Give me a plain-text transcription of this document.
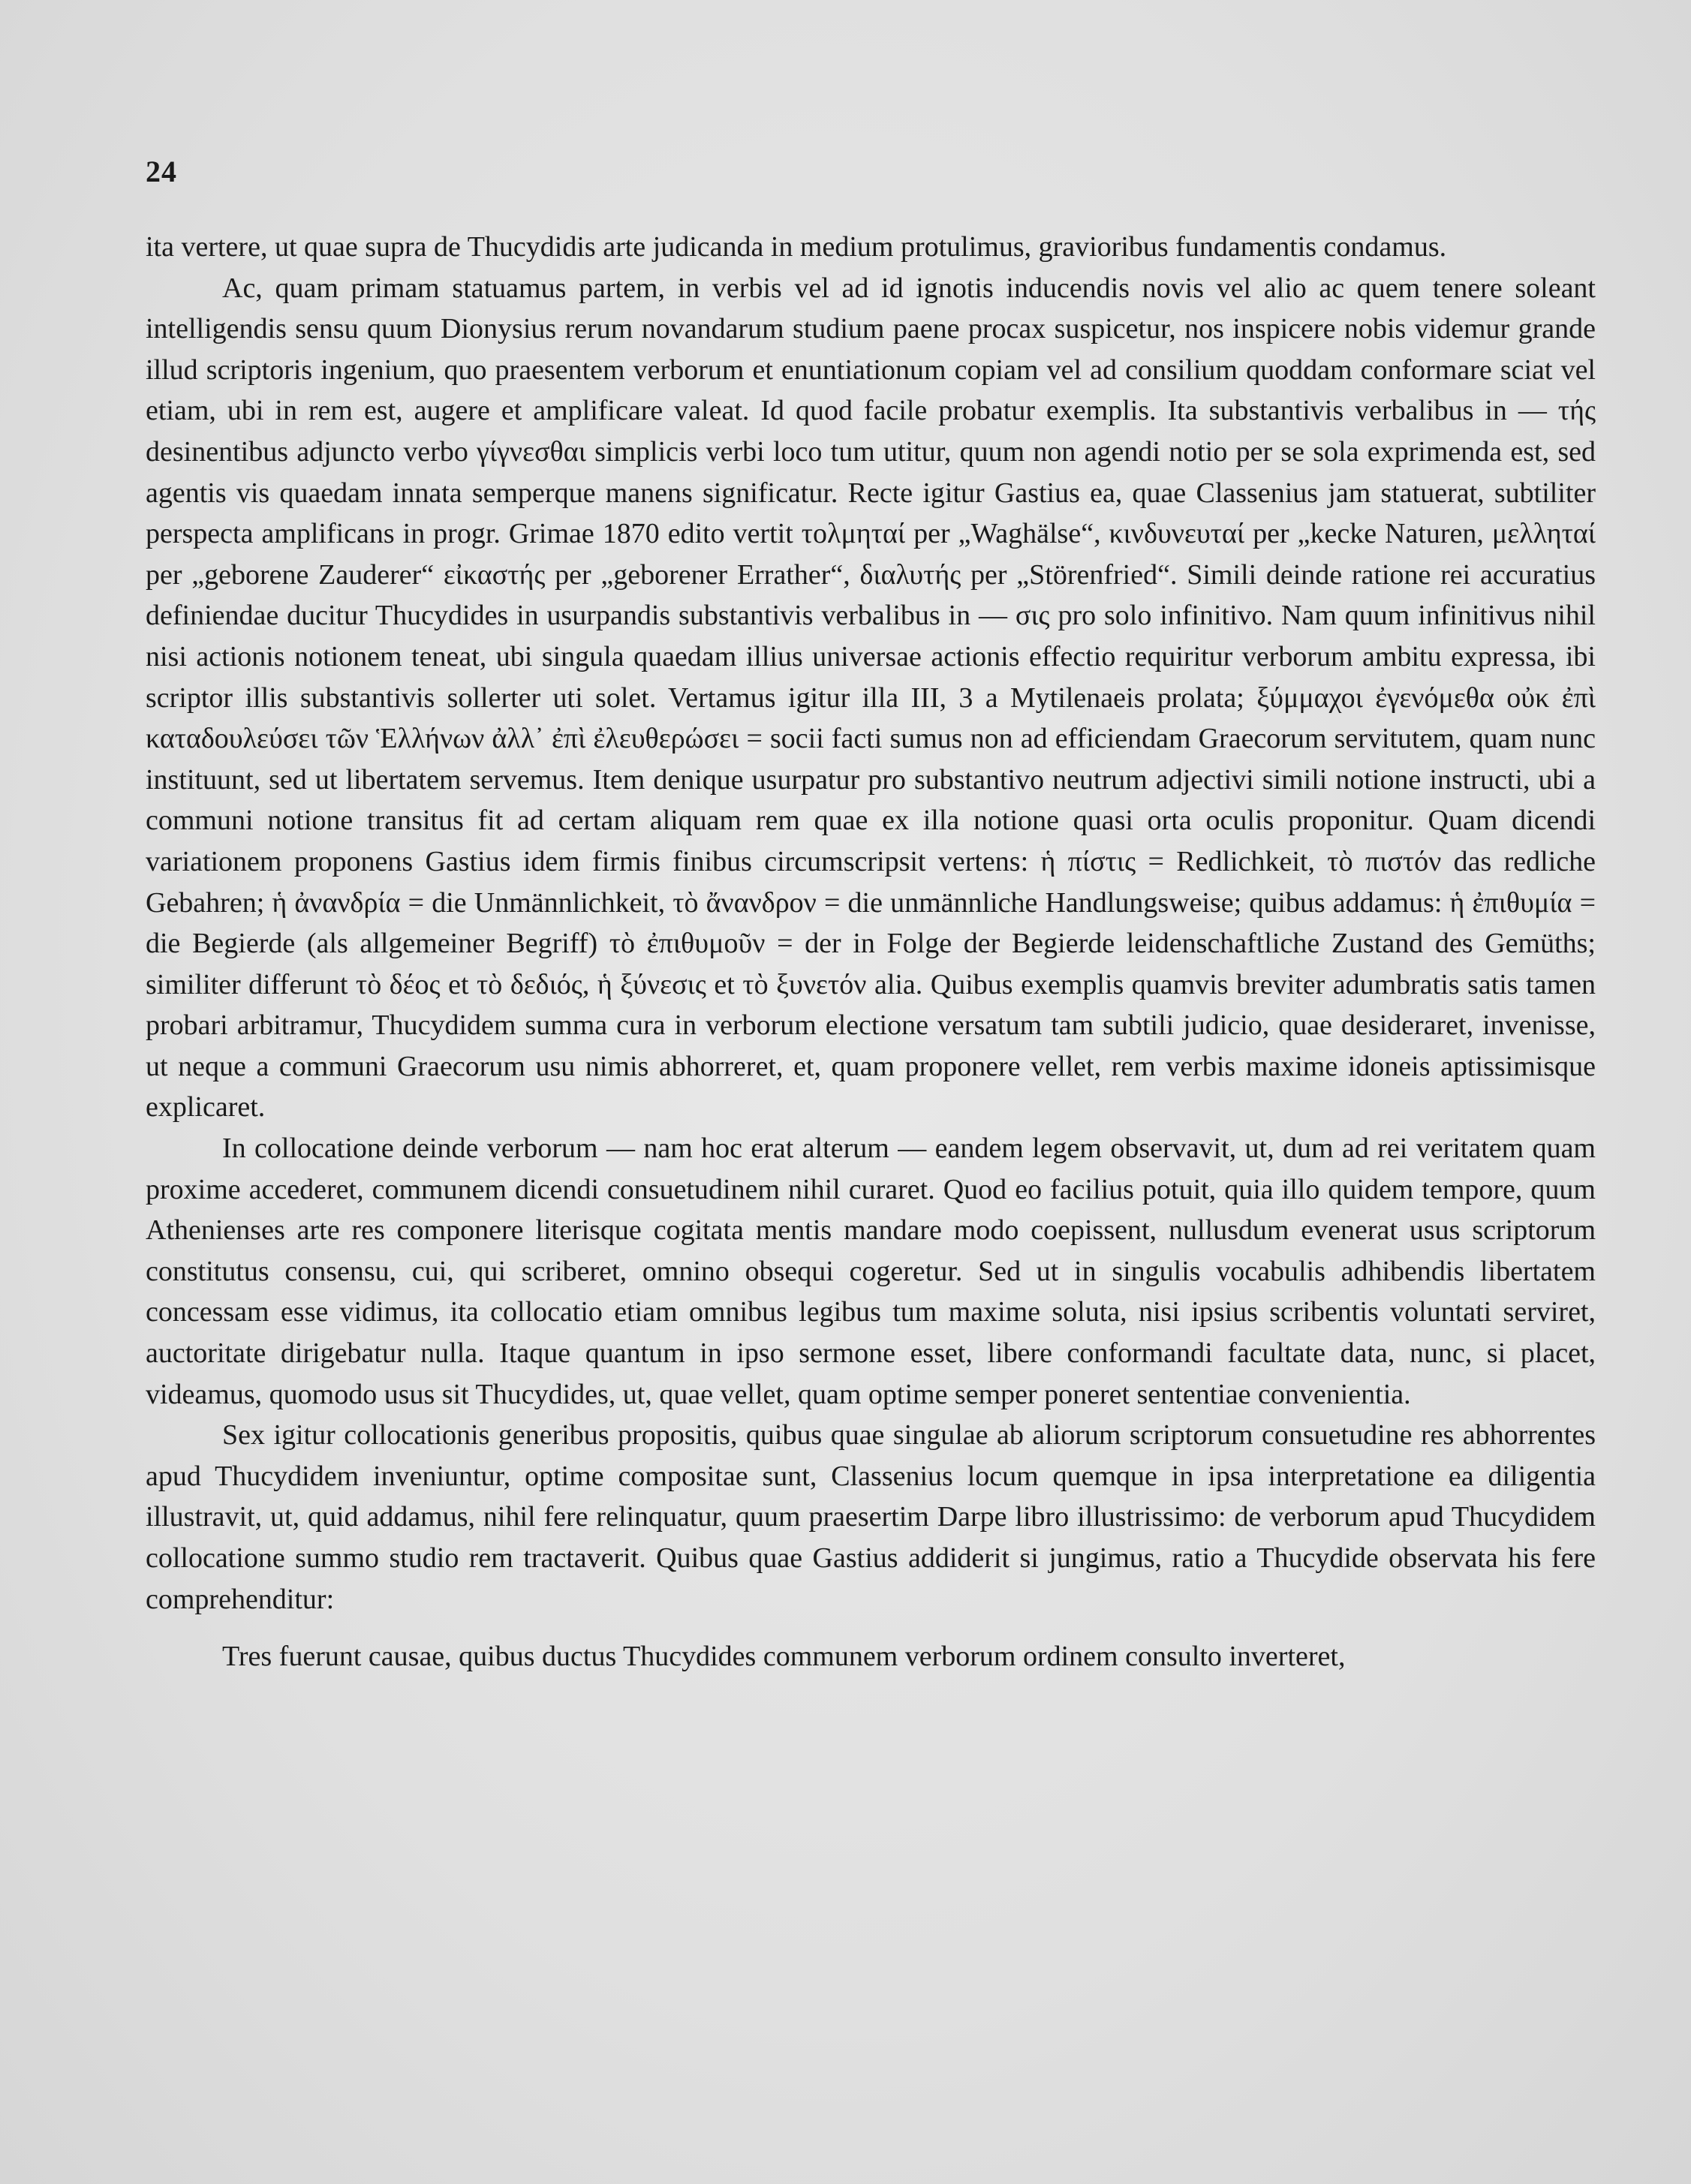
24

ita vertere, ut quae supra de Thucydidis arte judicanda in medium protulimus, gravioribus fundamentis condamus.

Ac, quam primam statuamus partem, in verbis vel ad id ignotis inducendis novis vel alio ac quem tenere soleant intelligendis sensu quum Dionysius rerum novandarum studium paene procax suspicetur, nos inspicere nobis videmur grande illud scriptoris ingenium, quo praesentem verborum et enuntiationum copiam vel ad consilium quoddam conformare sciat vel etiam, ubi in rem est, augere et amplificare valeat. Id quod facile probatur exemplis. Ita substantivis verbalibus in — τής desinentibus adjuncto verbo γίγνεσθαι simplicis verbi loco tum utitur, quum non agendi notio per se sola exprimenda est, sed agentis vis quaedam innata semperque manens significatur. Recte igitur Gastius ea, quae Classenius jam statuerat, subtiliter perspecta amplificans in progr. Grimae 1870 edito vertit τολμηταί per „Waghälse“, κινδυνευταί per „kecke Naturen, μελληταί per „geborene Zauderer“ εἰκαστής per „geborener Errather“, διαλυτής per „Störenfried“. Simili deinde ratione rei accuratius definiendae ducitur Thucydides in usurpandis substantivis verbalibus in — σις pro solo infinitivo. Nam quum infinitivus nihil nisi actionis notionem teneat, ubi singula quaedam illius universae actionis effectio requiritur verborum ambitu expressa, ibi scriptor illis substantivis sollerter uti solet. Vertamus igitur illa III, 3 a Mytilenaeis prolata; ξύμμαχοι ἐγενόμεθα οὐκ ἐπὶ καταδουλεύσει τῶν Ἑλλήνων ἀλλ᾽ ἐπὶ ἐλευθερώσει = socii facti sumus non ad efficiendam Graecorum servitutem, quam nunc instituunt, sed ut libertatem servemus. Item denique usurpatur pro substantivo neutrum adjectivi simili notione instructi, ubi a communi notione transitus fit ad certam aliquam rem quae ex illa notione quasi orta oculis proponitur. Quam dicendi variationem proponens Gastius idem firmis finibus circumscripsit vertens: ἡ πίστις = Redlichkeit, τὸ πιστόν das redliche Gebahren; ἡ ἀνανδρία = die Unmännlichkeit, τὸ ἄνανδρον = die unmännliche Handlungsweise; quibus addamus: ἡ ἐπιθυμία = die Begierde (als allgemeiner Begriff) τὸ ἐπιθυμοῦν = der in Folge der Begierde leidenschaftliche Zustand des Gemüths; similiter differunt τὸ δέος et τὸ δεδιός, ἡ ξύνεσις et τὸ ξυνετόν alia. Quibus exemplis quamvis breviter adumbratis satis tamen probari arbitramur, Thucydidem summa cura in verborum electione versatum tam subtili judicio, quae desideraret, invenisse, ut neque a communi Graecorum usu nimis abhorreret, et, quam proponere vellet, rem verbis maxime idoneis aptissimisque explicaret.

In collocatione deinde verborum — nam hoc erat alterum — eandem legem observavit, ut, dum ad rei veritatem quam proxime accederet, communem dicendi consuetudinem nihil curaret. Quod eo facilius potuit, quia illo quidem tempore, quum Athenienses arte res componere literisque cogitata mentis mandare modo coepissent, nullusdum evenerat usus scriptorum constitutus consensu, cui, qui scriberet, omnino obsequi cogeretur. Sed ut in singulis vocabulis adhibendis libertatem concessam esse vidimus, ita collocatio etiam omnibus legibus tum maxime soluta, nisi ipsius scribentis voluntati serviret, auctoritate dirigebatur nulla. Itaque quantum in ipso sermone esset, libere conformandi facultate data, nunc, si placet, videamus, quomodo usus sit Thucydides, ut, quae vellet, quam optime semper poneret sententiae convenientia.

Sex igitur collocationis generibus propositis, quibus quae singulae ab aliorum scriptorum consuetudine res abhorrentes apud Thucydidem inveniuntur, optime compositae sunt, Classenius locum quemque in ipsa interpretatione ea diligentia illustravit, ut, quid addamus, nihil fere relinquatur, quum praesertim Darpe libro illustrissimo: de verborum apud Thucydidem collocatione summo studio rem tractaverit. Quibus quae Gastius addiderit si jungimus, ratio a Thucydide observata his fere comprehenditur:

Tres fuerunt causae, quibus ductus Thucydides communem verborum ordinem consulto inverteret,
